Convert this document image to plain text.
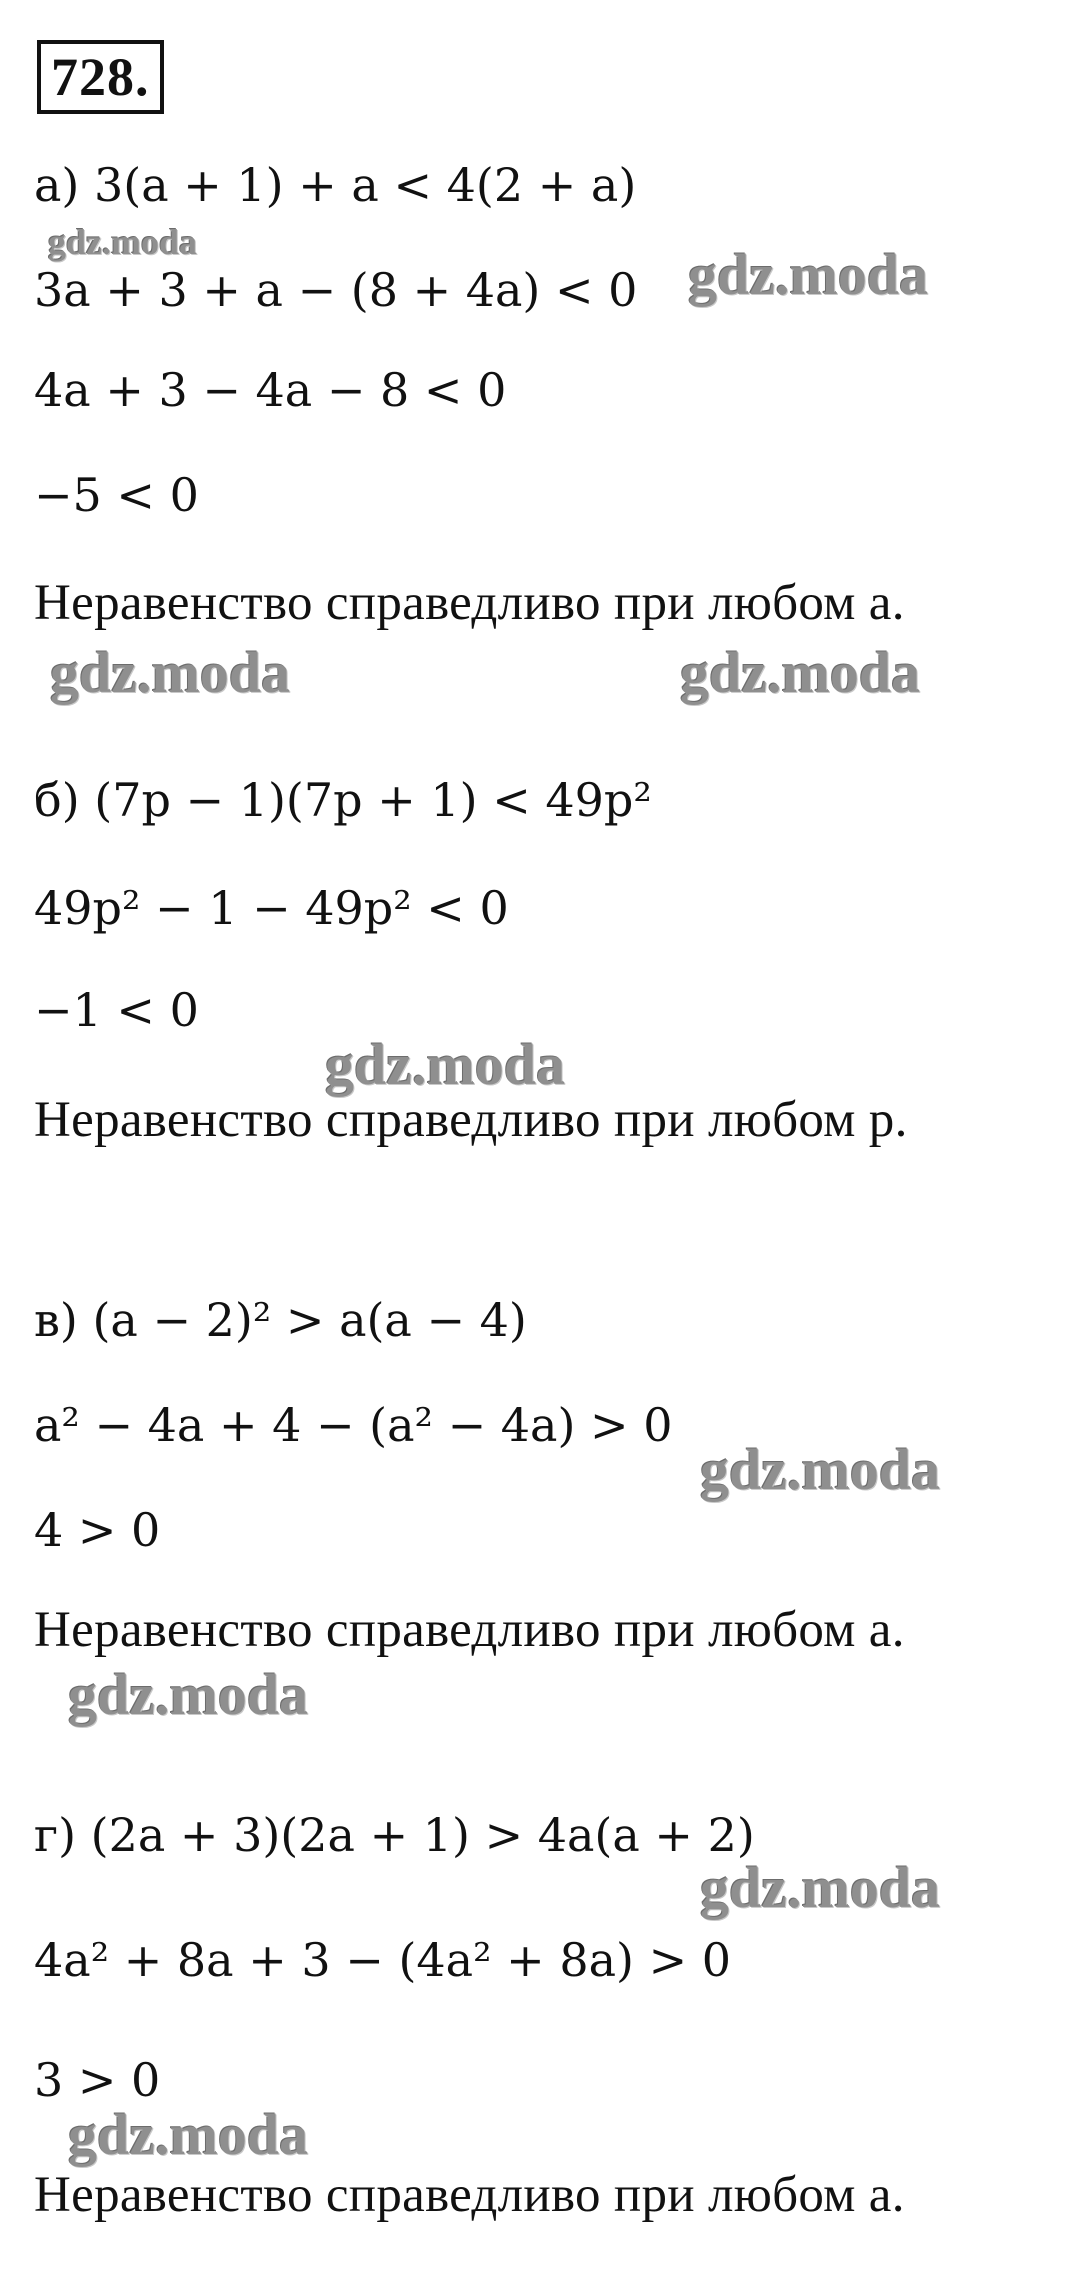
728.
а) 3(a + 1) + a < 4(2 + a)
gdz.moda
3a + 3 + a − (8 + 4a) < 0 gdz.moda
4a + 3 − 4a − 8 < 0
−5 < 0
Неравенство справедливо при любом a.
gdz.moda	gdz.moda
б) (7p − 1)(7p + 1) < 49p²
49p² − 1 − 49p² < 0
−1 < 0
gdz.moda
Неравенство справедливо при любом p.
в) (a − 2)² > a(a − 4)
a² − 4a + 4 − (a² − 4a) > 0
gdz.moda
4 > 0
Неравенство справедливо при любом a.
gdz.moda
г) (2a + 3)(2a + 1) > 4a(a + 2)
gdz.moda
4a² + 8a + 3 − (4a² + 8a) > 0
3 > 0
gdz.moda
Неравенство справедливо при любом a.
